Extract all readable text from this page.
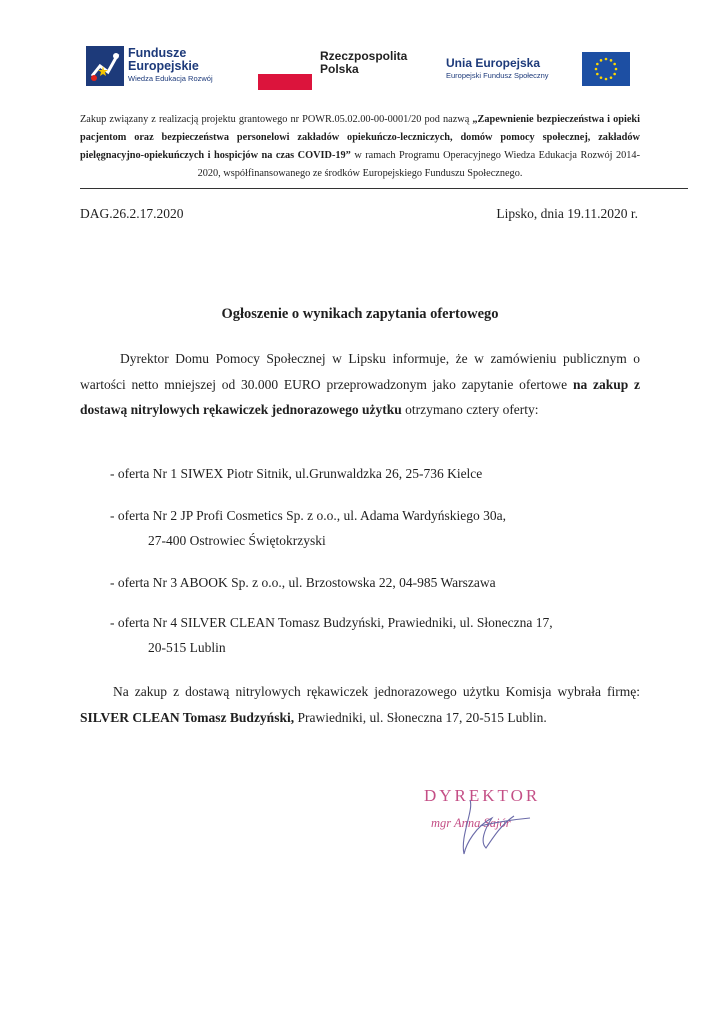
Fundusze
Europejskie
Wiedza Edukacja Rozwój
Rzeczpospolita
Polska	Unia Europejska
Europejski Fundusz Społeczny
Zakup związany z realizacją projektu grantowego nr POWR.05.02.00-00-0001/20 pod nazwą „Zapewnienie bezpieczeństwa i opieki pacjentom oraz bezpieczeństwa personelowi zakładów opiekuńczo-leczniczych, domów pomocy społecznej, zakładów pielęgnacyjno-opiekuńczych i hospicjów na czas COVID-19” w ramach Programu Operacyjnego Wiedza Edukacja Rozwój 2014-2020, współfinansowanego ze środków Europejskiego Funduszu Społecznego.
DAG.26.2.17.2020	Lipsko, dnia 19.11.2020 r.
Ogłoszenie o wynikach zapytania ofertowego
Dyrektor Domu Pomocy Społecznej w Lipsku informuje, że w zamówieniu publicznym o wartości netto mniejszej od 30.000 EURO przeprowadzonym jako zapytanie ofertowe na zakup z dostawą nitrylowych rękawiczek jednorazowego użytku otrzymano cztery oferty:
- oferta Nr 1 SIWEX Piotr Sitnik, ul.Grunwaldzka 26, 25-736 Kielce
- oferta Nr 2 JP Profi Cosmetics Sp. z o.o., ul. Adama Wardyńskiego 30a,
27-400 Ostrowiec Świętokrzyski
- oferta Nr 3 ABOOK Sp. z o.o., ul. Brzostowska 22, 04-985 Warszawa
- oferta Nr 4 SILVER CLEAN Tomasz Budzyński, Prawiedniki, ul. Słoneczna 17,
20-515 Lublin
Na zakup z dostawą nitrylowych rękawiczek jednorazowego użytku Komisja wybrała firmę: SILVER CLEAN Tomasz Budzyński, Prawiedniki, ul. Słoneczna 17, 20-515 Lublin.
DYREKTOR
mgr Anna Sajór
